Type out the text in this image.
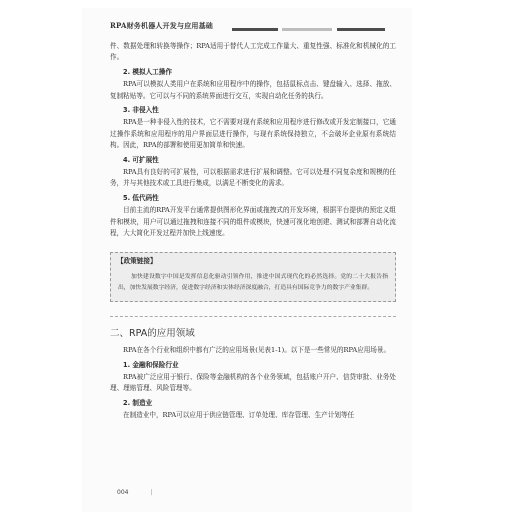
RPA财务机器人开发与应用基础

件、数据处理和转换等操作；RPA适用于替代人工完成工作量大、重复性强、标准化和机械化的工作。

2. 模拟人工操作

RPA可以模拟人类用户在系统和应用程序中的操作，包括鼠标点击、键盘输入、选择、拖放、复制粘贴等。它可以与不同的系统界面进行交互，实现自动化任务的执行。

3. 非侵入性

RPA是一种非侵入性的技术，它不需要对现有系统和应用程序进行修改或开发定制接口，它通过操作系统和应用程序的用户界面层进行操作，与现有系统保持独立，不会破坏企业原有系统结构。因此，RPA的部署和使用更加简单和快速。

4. 可扩展性

RPA具有良好的可扩展性，可以根据需求进行扩展和调整。它可以处理不同复杂度和规模的任务，并与其他技术或工具进行集成，以满足不断变化的需求。

5. 低代码性

目前主流的RPA开发平台通常提供图形化界面或拖拽式的开发环境，根据平台提供的预定义组件和模块，用户可以通过拖拽和连接不同的组件或模块，快速可视化地创建、测试和部署自动化流程，大大简化开发过程并加快上线速度。

【政策链接】

加快建设数字中国是发挥信息化驱动引领作用，推进中国式现代化的必然选择。党的二十大报告指出，加快发展数字经济，促进数字经济和实体经济深度融合，打造具有国际竞争力的数字产业集群。

二、RPA的应用领域

RPA在各个行业和组织中都有广泛的应用场景(见表1-1)。以下是一些常见的RPA应用场景。

1. 金融和保险行业

RPA被广泛应用于银行、保险等金融机构的各个业务领域，包括账户开户、信贷审批、业务处理、理赔管理、风险管理等。

2. 制造业

在制造业中，RPA可以应用于供应链管理、订单处理、库存管理、生产计划等任

004	|
